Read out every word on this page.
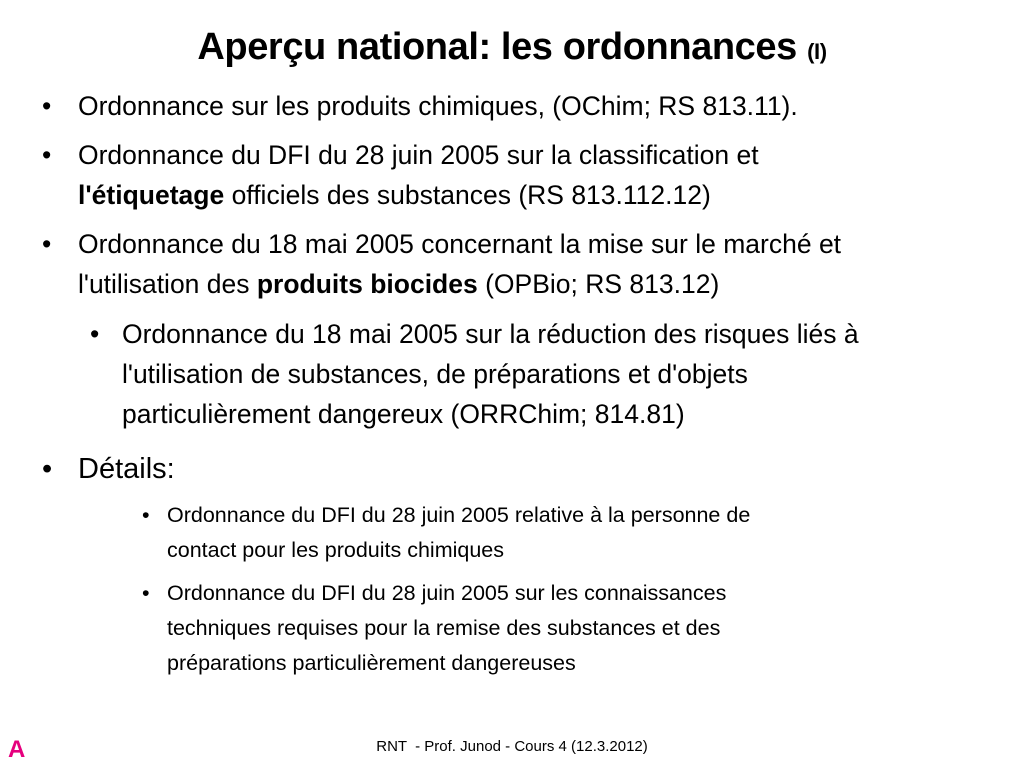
Aperçu national: les ordonnances (I)
• Ordonnance sur les produits chimiques, (OChim; RS 813.11).
• Ordonnance du DFI du 28 juin 2005 sur la classification et
l'étiquetage officiels des substances (RS 813.112.12)
• Ordonnance du 18 mai 2005 concernant la mise sur le marché et
l'utilisation des produits biocides (OPBio; RS 813.12)
• Ordonnance du 18 mai 2005 sur la réduction des risques liés à
l'utilisation de substances, de préparations et d'objets
particulièrement dangereux (ORRChim; 814.81)
• Détails:
• Ordonnance du DFI du 28 juin 2005 relative à la personne de
contact pour les produits chimiques
• Ordonnance du DFI du 28 juin 2005 sur les connaissances
techniques requises pour la remise des substances et des
préparations particulièrement dangereuses
RNT  - Prof. Junod - Cours 4 (12.3.2012)
A
